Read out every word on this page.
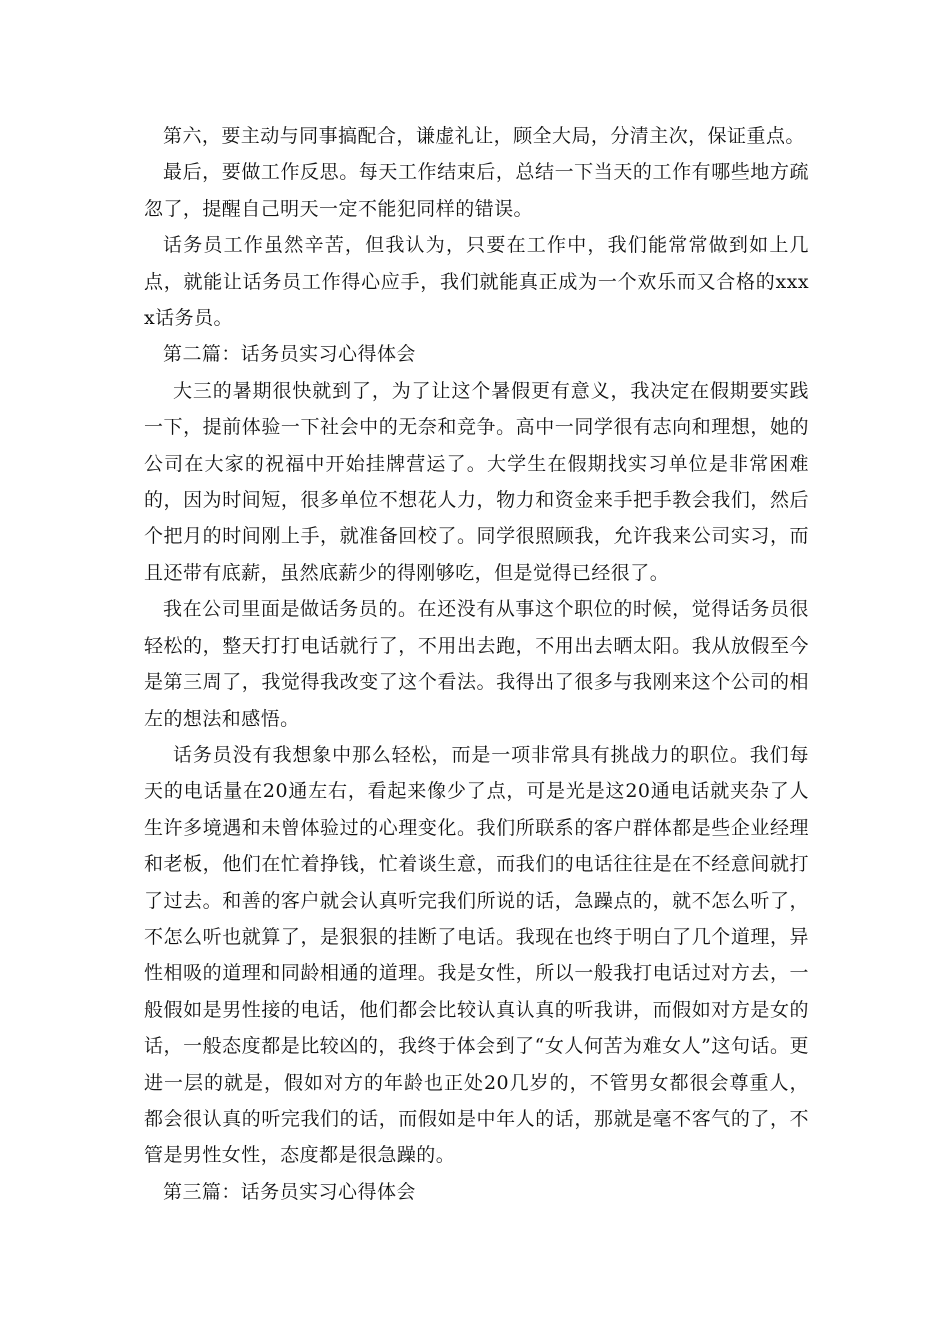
第六，要主动与同事搞配合，谦虚礼让，顾全大局，分清主次，保证重点。

最后，要做工作反思。每天工作结束后，总结一下当天的工作有哪些地方疏忽了，提醒自己明天一定不能犯同样的错误。

话务员工作虽然辛苦，但我认为，只要在工作中，我们能常常做到如上几点，就能让话务员工作得心应手，我们就能真正成为一个欢乐而又合格的xxxx话务员。

第二篇：话务员实习心得体会

大三的暑期很快就到了，为了让这个暑假更有意义，我决定在假期要实践一下，提前体验一下社会中的无奈和竞争。高中一同学很有志向和理想，她的公司在大家的祝福中开始挂牌营运了。大学生在假期找实习单位是非常困难的，因为时间短，很多单位不想花人力，物力和资金来手把手教会我们，然后个把月的时间刚上手，就准备回校了。同学很照顾我，允许我来公司实习，而且还带有底薪，虽然底薪少的得刚够吃，但是觉得已经很了。

我在公司里面是做话务员的。在还没有从事这个职位的时候，觉得话务员很轻松的，整天打打电话就行了，不用出去跑，不用出去晒太阳。我从放假至今是第三周了，我觉得我改变了这个看法。我得出了很多与我刚来这个公司的相左的想法和感悟。

话务员没有我想象中那么轻松，而是一项非常具有挑战力的职位。我们每天的电话量在20通左右，看起来像少了点，可是光是这20通电话就夹杂了人生许多境遇和未曾体验过的心理变化。我们所联系的客户群体都是些企业经理和老板，他们在忙着挣钱，忙着谈生意，而我们的电话往往是在不经意间就打了过去。和善的客户就会认真听完我们所说的话，急躁点的，就不怎么听了，不怎么听也就算了，是狠狠的挂断了电话。我现在也终于明白了几个道理，异性相吸的道理和同龄相通的道理。我是女性，所以一般我打电话过对方去，一般假如是男性接的电话，他们都会比较认真认真的听我讲，而假如对方是女的话，一般态度都是比较凶的，我终于体会到了“女人何苦为难女人”这句话。更进一层的就是，假如对方的年龄也正处20几岁的，不管男女都很会尊重人，都会很认真的听完我们的话，而假如是中年人的话，那就是毫不客气的了，不管是男性女性，态度都是很急躁的。

第三篇：话务员实习心得体会
